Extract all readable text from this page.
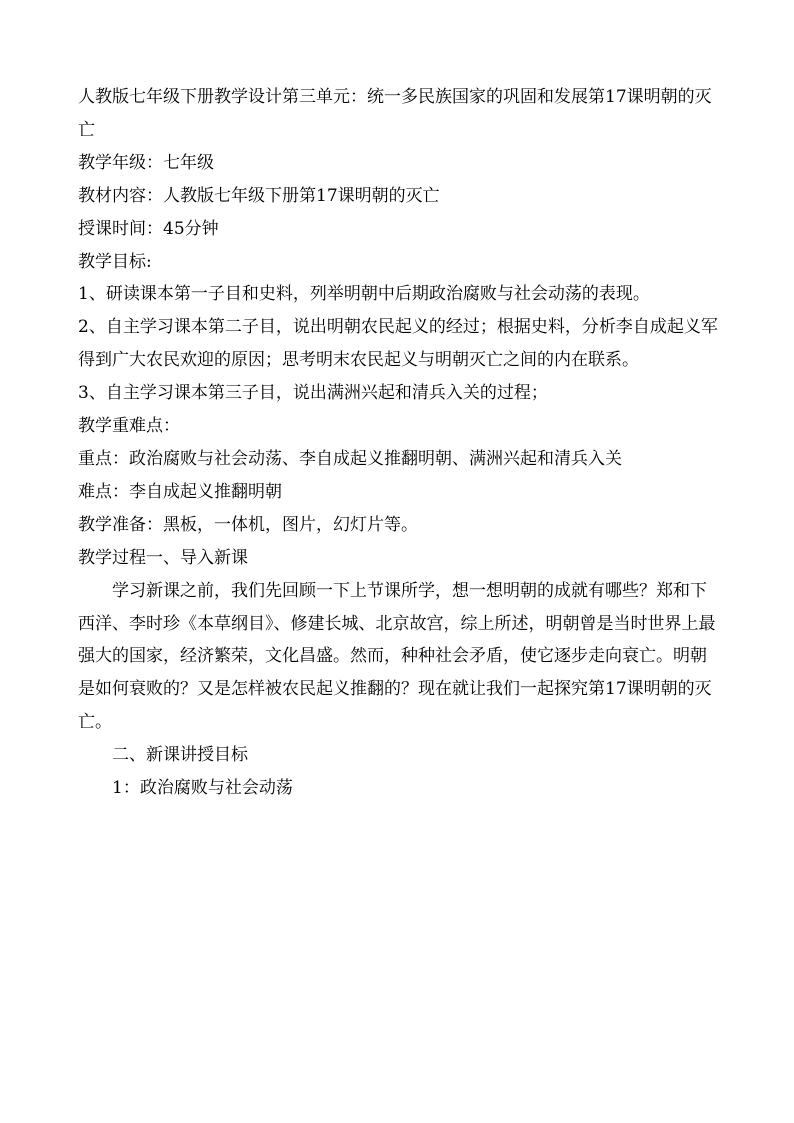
人教版七年级下册教学设计第三单元：统一多民族国家的巩固和发展第17课明朝的灭亡

教学年级：七年级

教材内容：人教版七年级下册第17课明朝的灭亡

授课时间：45分钟

教学目标:

1、研读课本第一子目和史料，列举明朝中后期政治腐败与社会动荡的表现。

2、自主学习课本第二子目，说出明朝农民起义的经过；根据史料，分析李自成起义军得到广大农民欢迎的原因；思考明末农民起义与明朝灭亡之间的内在联系。

3、自主学习课本第三子目，说出满洲兴起和清兵入关的过程；

教学重难点：

重点：政治腐败与社会动荡、李自成起义推翻明朝、满洲兴起和清兵入关

难点：李自成起义推翻明朝

教学准备：黑板，一体机，图片，幻灯片等。

教学过程一、导入新课

学习新课之前，我们先回顾一下上节课所学，想一想明朝的成就有哪些？郑和下西洋、李时珍《本草纲目》、修建长城、北京故宫，综上所述，明朝曾是当时世界上最强大的国家，经济繁荣，文化昌盛。然而，种种社会矛盾，使它逐步走向衰亡。明朝是如何衰败的？又是怎样被农民起义推翻的？现在就让我们一起探究第17课明朝的灭亡。

二、新课讲授目标

1：政治腐败与社会动荡
